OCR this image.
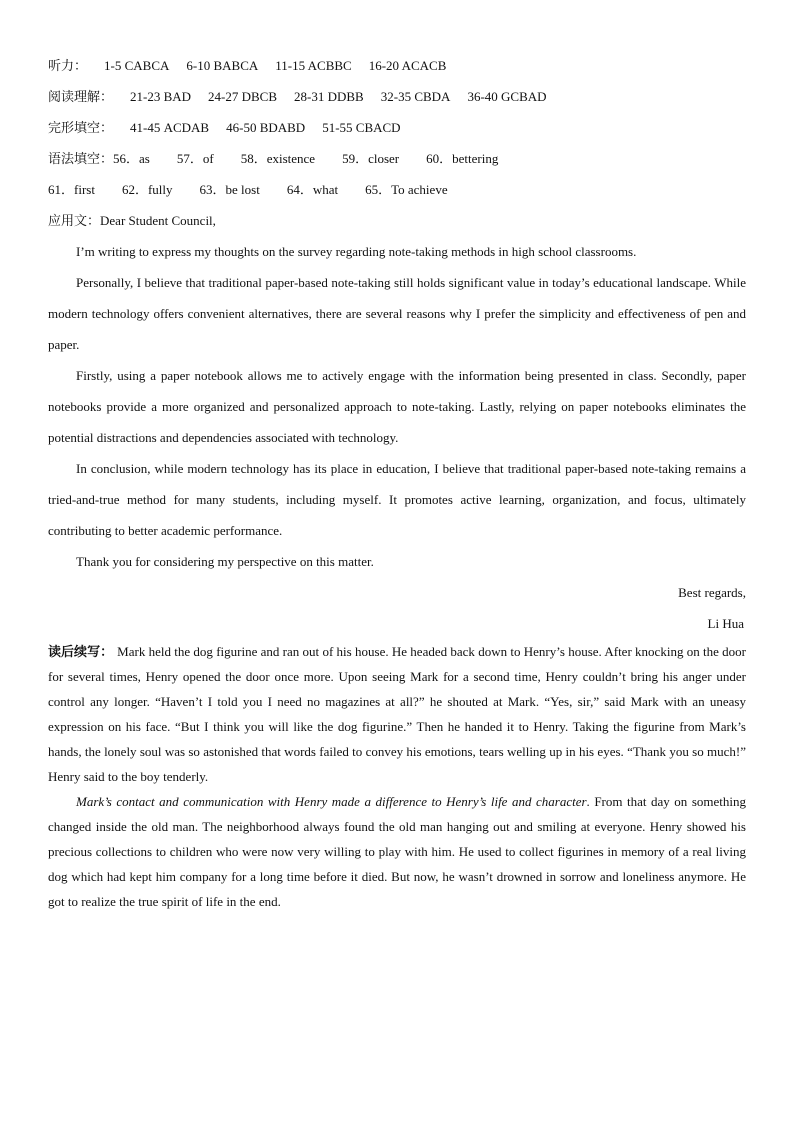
听力： 1-5 CABCA 6-10 BABCA 11-15 ACBBC 16-20 ACACB
阅读理解： 21-23 BAD 24-27 DBCB 28-31 DDBB 32-35 CBDA 36-40 GCBAD
完形填空： 41-45 ACDAB 46-50 BDABD 51-55 CBACD
语法填空：56．as 57．of 58．existence 59．closer 60．bettering
61．first 62．fully 63．be lost 64．what 65．To achieve
应用文：Dear Student Council,

I’m writing to express my thoughts on the survey regarding note-taking methods in high school classrooms.

Personally, I believe that traditional paper-based note-taking still holds significant value in today’s educational landscape. While modern technology offers convenient alternatives, there are several reasons why I prefer the simplicity and effectiveness of pen and paper.

Firstly, using a paper notebook allows me to actively engage with the information being presented in class. Secondly, paper notebooks provide a more organized and personalized approach to note-taking. Lastly, relying on paper notebooks eliminates the potential distractions and dependencies associated with technology.

In conclusion, while modern technology has its place in education, I believe that traditional paper-based note-taking remains a tried-and-true method for many students, including myself. It promotes active learning, organization, and focus, ultimately contributing to better academic performance.

Thank you for considering my perspective on this matter.

Best regards,
Li Hua

读后续写： Mark held the dog figurine and ran out of his house. He headed back down to Henry’s house. After knocking on the door for several times, Henry opened the door once more. Upon seeing Mark for a second time, Henry couldn’t bring his anger under control any longer. “Haven’t I told you I need no magazines at all?” he shouted at Mark. “Yes, sir,” said Mark with an uneasy expression on his face. “But I think you will like the dog figurine.” Then he handed it to Henry. Taking the figurine from Mark’s hands, the lonely soul was so astonished that words failed to convey his emotions, tears welling up in his eyes. “Thank you so much!” Henry said to the boy tenderly.

Mark’s contact and communication with Henry made a difference to Henry’s life and character. From that day on something changed inside the old man. The neighborhood always found the old man hanging out and smiling at everyone. Henry showed his precious collections to children who were now very willing to play with him. He used to collect figurines in memory of a real living dog which had kept him company for a long time before it died. But now, he wasn’t drowned in sorrow and loneliness anymore. He got to realize the true spirit of life in the end.
